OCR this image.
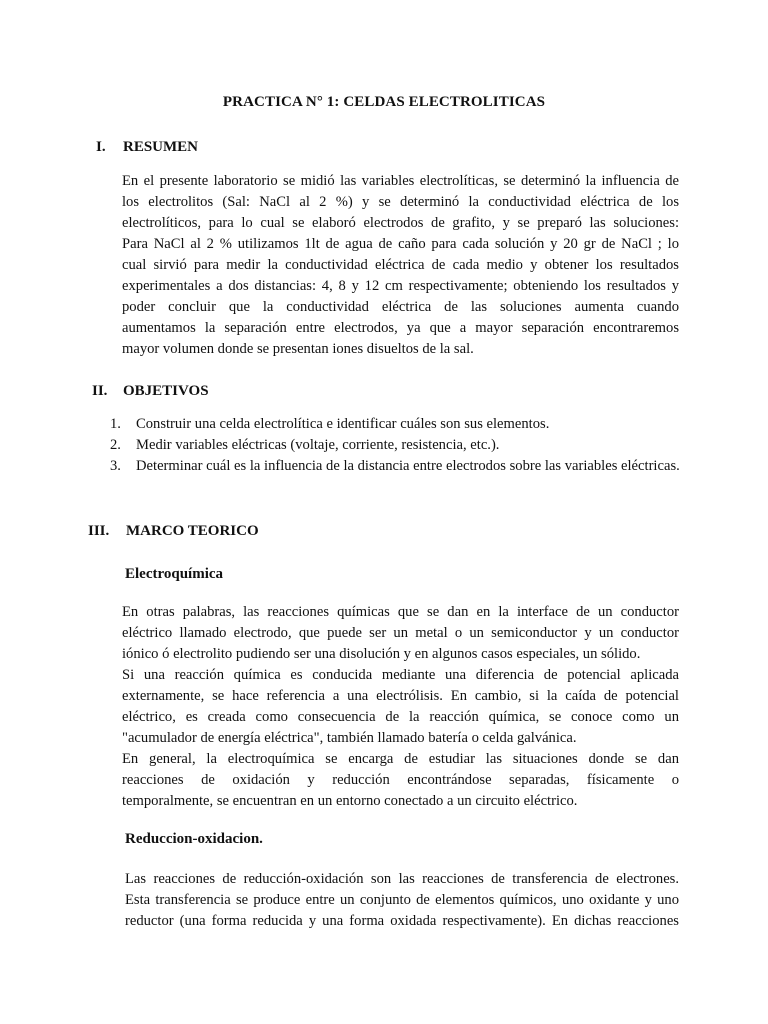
PRACTICA N° 1: CELDAS ELECTROLITICAS
I. RESUMEN
En el presente laboratorio se midió las variables electrolíticas, se determinó la influencia de
los electrolitos (Sal: NaCl al 2 %) y se determinó la conductividad eléctrica de los
electrolíticos, para lo cual se elaboró electrodos de grafito, y se preparó las soluciones:
Para NaCl al 2 % utilizamos 1lt de agua de caño para cada solución y 20 gr de NaCl ; lo
cual sirvió para medir la conductividad eléctrica de cada medio y obtener los resultados
experimentales a dos distancias: 4, 8 y 12 cm respectivamente; obteniendo los resultados y
poder concluir que la conductividad eléctrica de las soluciones aumenta cuando
aumentamos la separación entre electrodos, ya que a mayor separación encontraremos
mayor volumen donde se presentan iones disueltos de la sal.
II. OBJETIVOS
1. Construir una celda electrolítica e identificar cuáles son sus elementos.
2. Medir variables eléctricas (voltaje, corriente, resistencia, etc.).
3. Determinar cuál es la influencia de la distancia entre electrodos sobre las variables eléctricas.
III. MARCO TEORICO
Electroquímica
En otras palabras, las reacciones químicas que se dan en la interface de un conductor
eléctrico llamado electrodo, que puede ser un metal o un semiconductor y un conductor
iónico ó electrolito pudiendo ser una disolución y en algunos casos especiales, un sólido.
Si una reacción química es conducida mediante una diferencia de potencial aplicada
externamente, se hace referencia a una electrólisis. En cambio, si la caída de potencial
eléctrico, es creada como consecuencia de la reacción química, se conoce como un
"acumulador de energía eléctrica", también llamado batería o celda galvánica.
En general, la electroquímica se encarga de estudiar las situaciones donde se dan
reacciones de oxidación y reducción encontrándose separadas, físicamente o
temporalmente, se encuentran en un entorno conectado a un circuito eléctrico.
Reduccion-oxidacion.
Las reacciones de reducción-oxidación son las reacciones de transferencia de electrones.
Esta transferencia se produce entre un conjunto de elementos químicos, uno oxidante y uno
reductor (una forma reducida y una forma oxidada respectivamente). En dichas reacciones
